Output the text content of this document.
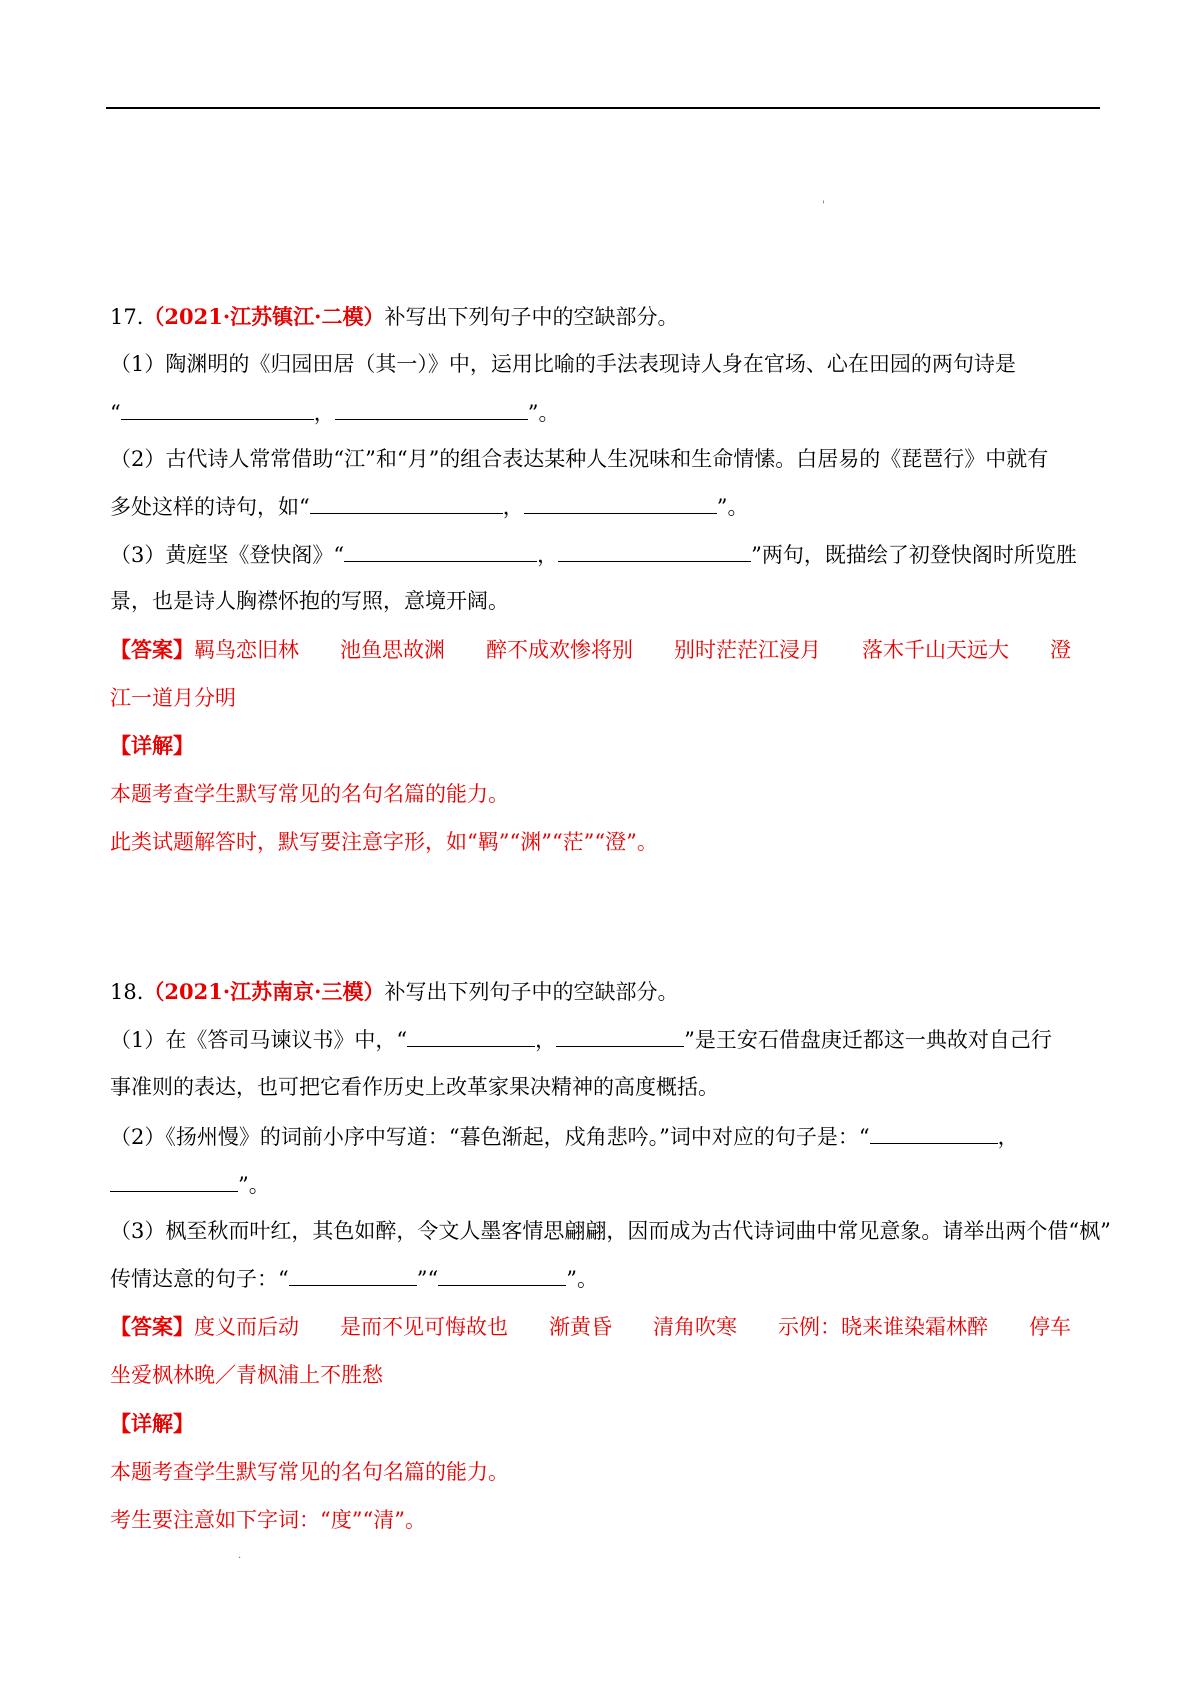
'
17.（2021·江苏镇江·二模）补写出下列句子中的空缺部分。
（1）陶渊明的《归园田居（其一）》中，运用比喻的手法表现诗人身在官场、心在田园的两句诗是
“	，	”。
（2）古代诗人常常借助“江”和“月”的组合表达某种人生况味和生命情愫。白居易的《琵琶行》中就有
多处这样的诗句，如“	，	”。
（3）黄庭坚《登快阁》“	，	”两句，既描绘了初登快阁时所览胜
景，也是诗人胸襟怀抱的写照，意境开阔。
【答案】羁鸟恋旧林 池鱼思故渊 醉不成欢惨将别 别时茫茫江浸月 落木千山天远大 澄
江一道月分明
【详解】
本题考查学生默写常见的名句名篇的能力。
此类试题解答时，默写要注意字形，如“羁”“渊”“茫”“澄”。
18.（2021·江苏南京·三模）补写出下列句子中的空缺部分。
（1）在《答司马谏议书》中，“	，	”是王安石借盘庚迁都这一典故对自己行
事准则的表达，也可把它看作历史上改革家果决精神的高度概括。
（2）《扬州慢》的词前小序中写道：“暮色渐起，戍角悲吟。”词中对应的句子是：“	，
”。
（3）枫至秋而叶红，其色如醉，令文人墨客情思翩翩，因而成为古代诗词曲中常见意象。请举出两个借“枫”
传情达意的句子：“	”“	”。
【答案】度义而后动 是而不见可悔故也 渐黄昏 清角吹寒 示例：晓来谁染霜林醉 停车
坐爱枫林晚／青枫浦上不胜愁
【详解】
本题考查学生默写常见的名句名篇的能力。
考生要注意如下字词：“度”“清”。
.
